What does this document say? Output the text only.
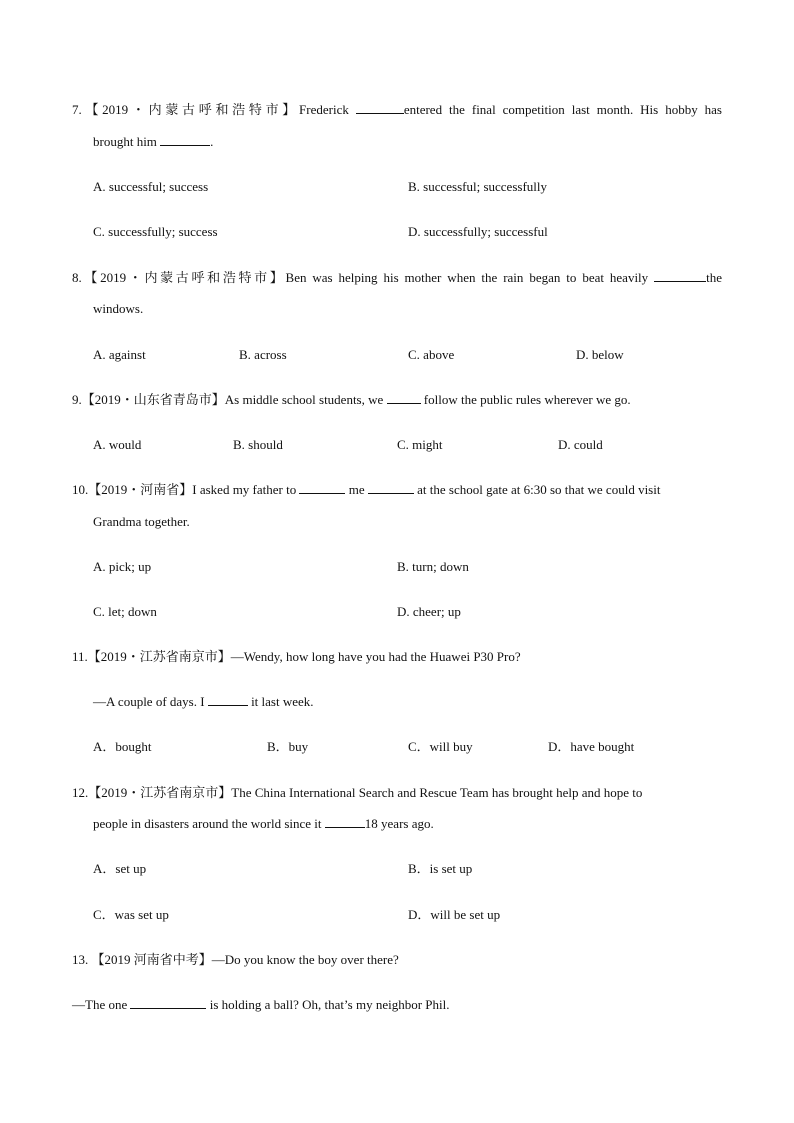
7.【2019・内蒙古呼和浩特市】Frederick	entered the final competition last month. His hobby has
brought him	.
A. successful; success	B. successful; successfully
C. successfully; success	D. successfully; successful
8.【2019・内蒙古呼和浩特市】Ben was helping his mother when the rain began to beat heavily	the
windows.
A. against	B. across	C. above	D. below
9.【2019・山东省青岛市】As middle school students, we	follow the public rules wherever we go.
A. would	B. should	C. might	D. could
10.【2019・河南省】I asked my father to	me	at the school gate at 6:30 so that we could visit
Grandma together.
A. pick; up	B. turn; down
C. let; down	D. cheer; up
11.【2019・江苏省南京市】—Wendy, how long have you had the Huawei P30 Pro?
—A couple of days. I	it last week.
A．bought	B．buy	C．will buy	D．have bought
12.【2019・江苏省南京市】The China International Search and Rescue Team has brought help and hope to
people in disasters around the world since it	18 years ago.
A．set up	B．is set up
C．was set up	D．will be set up
13. 【2019 河南省中考】—Do you know the boy over there?
—The one	is holding a ball? Oh, that’s my neighbor Phil.
